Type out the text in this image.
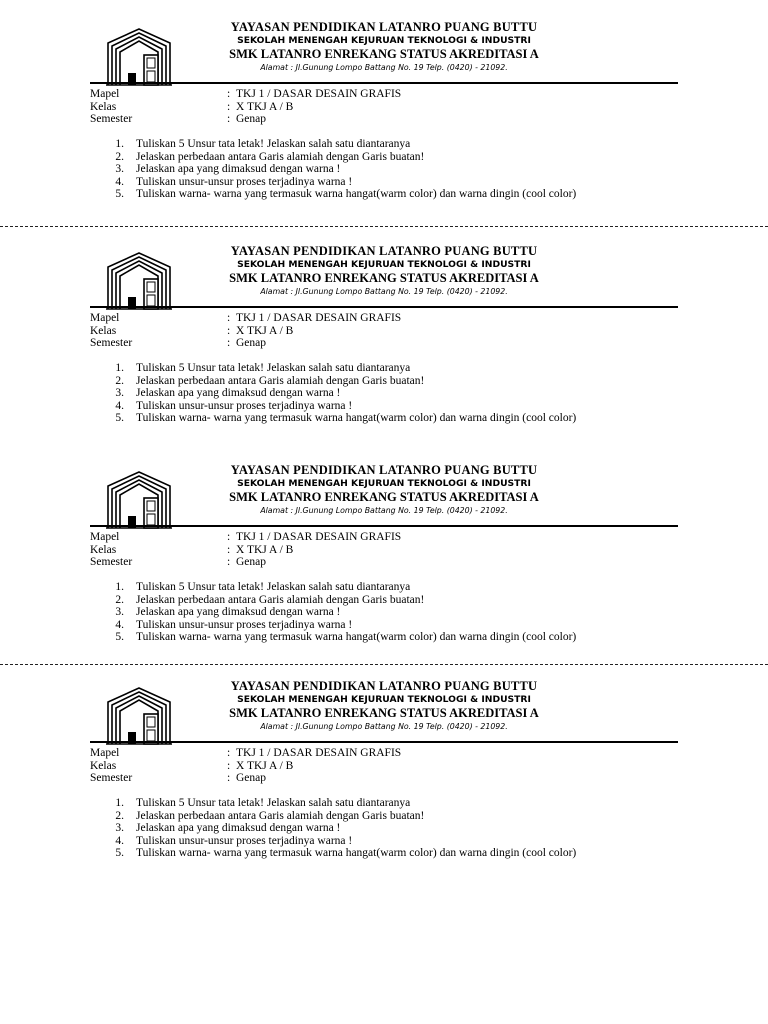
YAYASAN PENDIDIKAN LATANRO PUANG BUTTU
SEKOLAH MENENGAH KEJURUAN TEKNOLOGI & INDUSTRI
SMK LATANRO ENREKANG STATUS AKREDITASI A
Alamat : Jl.Gunung Lompo Battang No. 19 Telp. (0420) - 21092.
Mapel	: TKJ 1 / DASAR DESAIN GRAFIS
Kelas	: X TKJ A / B
Semester	: Genap
1. Tuliskan 5 Unsur tata letak! Jelaskan salah satu diantaranya
2. Jelaskan perbedaan antara Garis alamiah dengan Garis buatan!
3. Jelaskan apa yang dimaksud dengan warna !
4. Tuliskan unsur-unsur proses terjadinya warna !
5. Tuliskan warna- warna yang termasuk warna hangat(warm color) dan warna dingin (cool color)
YAYASAN PENDIDIKAN LATANRO PUANG BUTTU
SEKOLAH MENENGAH KEJURUAN TEKNOLOGI & INDUSTRI
SMK LATANRO ENREKANG STATUS AKREDITASI A
Alamat : Jl.Gunung Lompo Battang No. 19 Telp. (0420) - 21092.
Mapel	: TKJ 1 / DASAR DESAIN GRAFIS
Kelas	: X TKJ A / B
Semester	: Genap
1. Tuliskan 5 Unsur tata letak! Jelaskan salah satu diantaranya
2. Jelaskan perbedaan antara Garis alamiah dengan Garis buatan!
3. Jelaskan apa yang dimaksud dengan warna !
4. Tuliskan unsur-unsur proses terjadinya warna !
5. Tuliskan warna- warna yang termasuk warna hangat(warm color) dan warna dingin (cool color)
YAYASAN PENDIDIKAN LATANRO PUANG BUTTU
SEKOLAH MENENGAH KEJURUAN TEKNOLOGI & INDUSTRI
SMK LATANRO ENREKANG STATUS AKREDITASI A
Alamat : Jl.Gunung Lompo Battang No. 19 Telp. (0420) - 21092.
Mapel	: TKJ 1 / DASAR DESAIN GRAFIS
Kelas	: X TKJ A / B
Semester	: Genap
1. Tuliskan 5 Unsur tata letak! Jelaskan salah satu diantaranya
2. Jelaskan perbedaan antara Garis alamiah dengan Garis buatan!
3. Jelaskan apa yang dimaksud dengan warna !
4. Tuliskan unsur-unsur proses terjadinya warna !
5. Tuliskan warna- warna yang termasuk warna hangat(warm color) dan warna dingin (cool color)
YAYASAN PENDIDIKAN LATANRO PUANG BUTTU
SEKOLAH MENENGAH KEJURUAN TEKNOLOGI & INDUSTRI
SMK LATANRO ENREKANG STATUS AKREDITASI A
Alamat : Jl.Gunung Lompo Battang No. 19 Telp. (0420) - 21092.
Mapel	: TKJ 1 / DASAR DESAIN GRAFIS
Kelas	: X TKJ A / B
Semester	: Genap
1. Tuliskan 5 Unsur tata letak! Jelaskan salah satu diantaranya
2. Jelaskan perbedaan antara Garis alamiah dengan Garis buatan!
3. Jelaskan apa yang dimaksud dengan warna !
4. Tuliskan unsur-unsur proses terjadinya warna !
5. Tuliskan warna- warna yang termasuk warna hangat(warm color) dan warna dingin (cool color)
